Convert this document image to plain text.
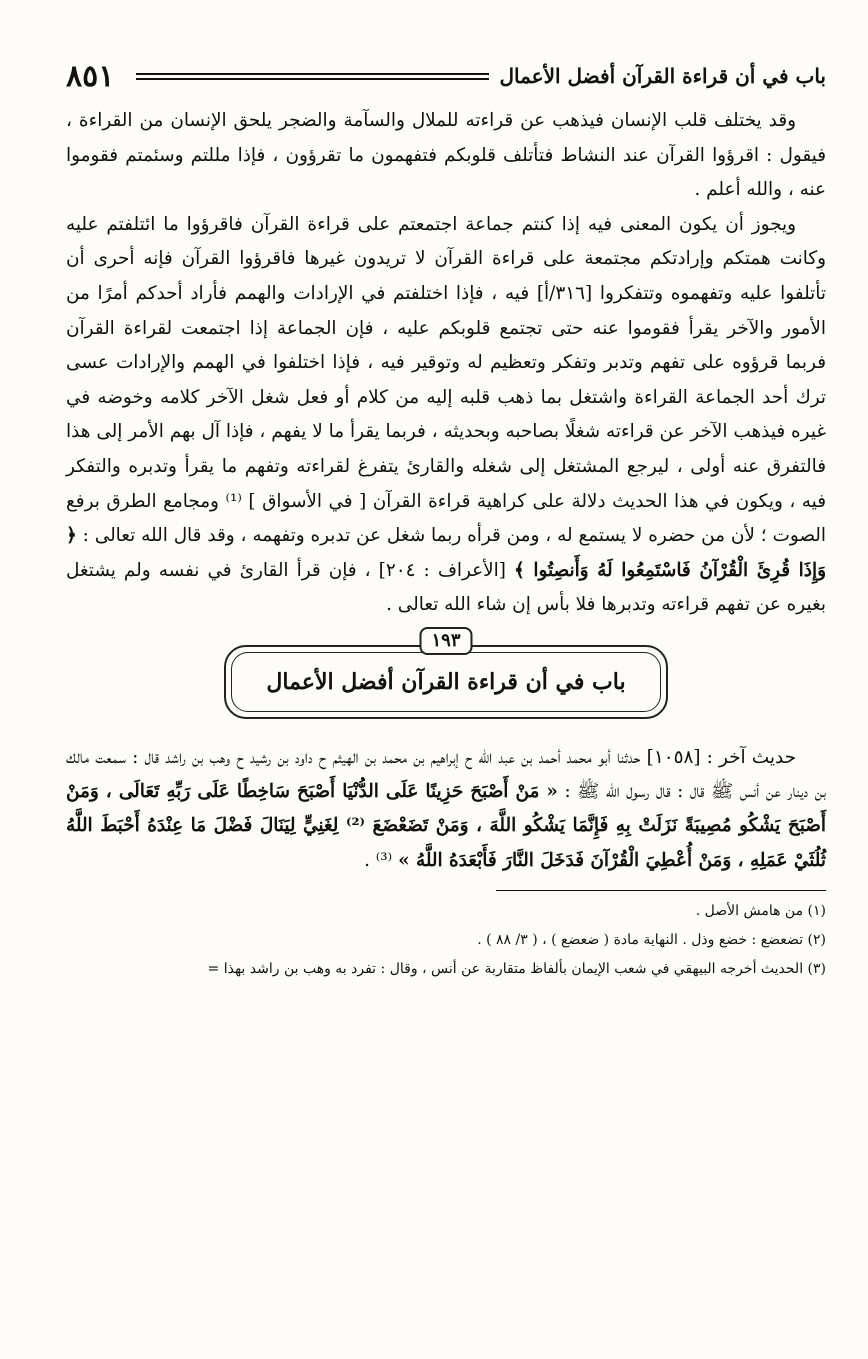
٨٥١	باب في أن قراءة القرآن أفضل الأعمال

وقد يختلف قلب الإنسان فيذهب عن قراءته للملال والسآمة والضجر يلحق الإنسان من القراءة ، فيقول : اقرؤوا القرآن عند النشاط فتأتلف قلوبكم فتفهمون ما تقرؤون ، فإذا مللتم وسئمتم فقوموا عنه ، والله أعلم .

ويجوز أن يكون المعنى فيه إذا كنتم جماعة اجتمعتم على قراءة القرآن فاقرؤوا ما ائتلفتم عليه وكانت همتكم وإرادتكم مجتمعة على قراءة القرآن لا تريدون غيرها فاقرؤوا القرآن فإنه أحرى أن تأتلفوا عليه وتفهموه وتتفكروا [٣١٦/أ] فيه ، فإذا اختلفتم في الإرادات والهمم فأراد أحدكم أمرًا من الأمور والآخر يقرأ فقوموا عنه حتى تجتمع قلوبكم عليه ، فإن الجماعة إذا اجتمعت لقراءة القرآن فربما قرؤوه على تفهم وتدبر وتفكر وتعظيم له وتوقير فيه ، فإذا اختلفوا في الهمم والإرادات عسى ترك أحد الجماعة القراءة واشتغل بما ذهب قلبه إليه من كلام أو فعل شغل الآخر كلامه وخوضه في غيره فيذهب الآخر عن قراءته شغلًا بصاحبه وبحديثه ، فربما يقرأ ما لا يفهم ، فإذا آل بهم الأمر إلى هذا فالتفرق عنه أولى ، ليرجع المشتغل إلى شغله والقارئ يتفرغ لقراءته وتفهم ما يقرأ وتدبره والتفكر فيه ، ويكون في هذا الحديث دلالة على كراهية قراءة القرآن [ في الأسواق ] ⁽¹⁾ ومجامع الطرق برفع الصوت ؛ لأن من حضره لا يستمع له ، ومن قرأه ربما شغل عن تدبره وتفهمه ، وقد قال الله تعالى : ﴿ وَإِذَا قُرِئَ الْقُرْآنُ فَاسْتَمِعُوا لَهُ وَأَنصِتُوا ﴾ [الأعراف : ٢٠٤] ، فإن قرأ القارئ في نفسه ولم يشتغل بغيره عن تفهم قراءته وتدبرها فلا بأس إن شاء الله تعالى .

١٩٣
باب في أن قراءة القرآن أفضل الأعمال

حديث آخر : [١٠٥٨] حدثنا أبو محمد أحمد بن عبد الله ح إبراهيم بن محمد بن الهيثم ح داود بن رشيد ح وهب بن راشد قال : سمعت مالك بن دينار عن أنس ﷺ قال : قال رسول الله ﷺ : « مَنْ أَصْبَحَ حَزِينًا عَلَى الدُّنْيَا أَصْبَحَ سَاخِطًا عَلَى رَبِّهِ تَعَالَى ، وَمَنْ أَصْبَحَ يَشْكُو مُصِيبَةً نَزَلَتْ بِهِ فَإِنَّمَا يَشْكُو اللَّهَ ، وَمَنْ تَضَعْضَعَ ⁽²⁾ لِغَنِيٍّ لِيَنَالَ فَضْلَ مَا عِنْدَهُ أَحْبَطَ اللَّهُ ثُلُثَيْ عَمَلِهِ ، وَمَنْ أُعْطِيَ الْقُرْآنَ فَدَخَلَ النَّارَ فَأَبْعَدَهُ اللَّهُ » ⁽³⁾ .

(١) من هامش الأصل .
(٢) تضعضع : خضع وذل . النهاية مادة ( ضعضع ) ، ( ٣/ ٨٨ ) .
(٣) الحديث أخرجه البيهقي في شعب الإيمان بألفاظ متقاربة عن أنس ، وقال : تفرد به وهب بن راشد بهذا =
